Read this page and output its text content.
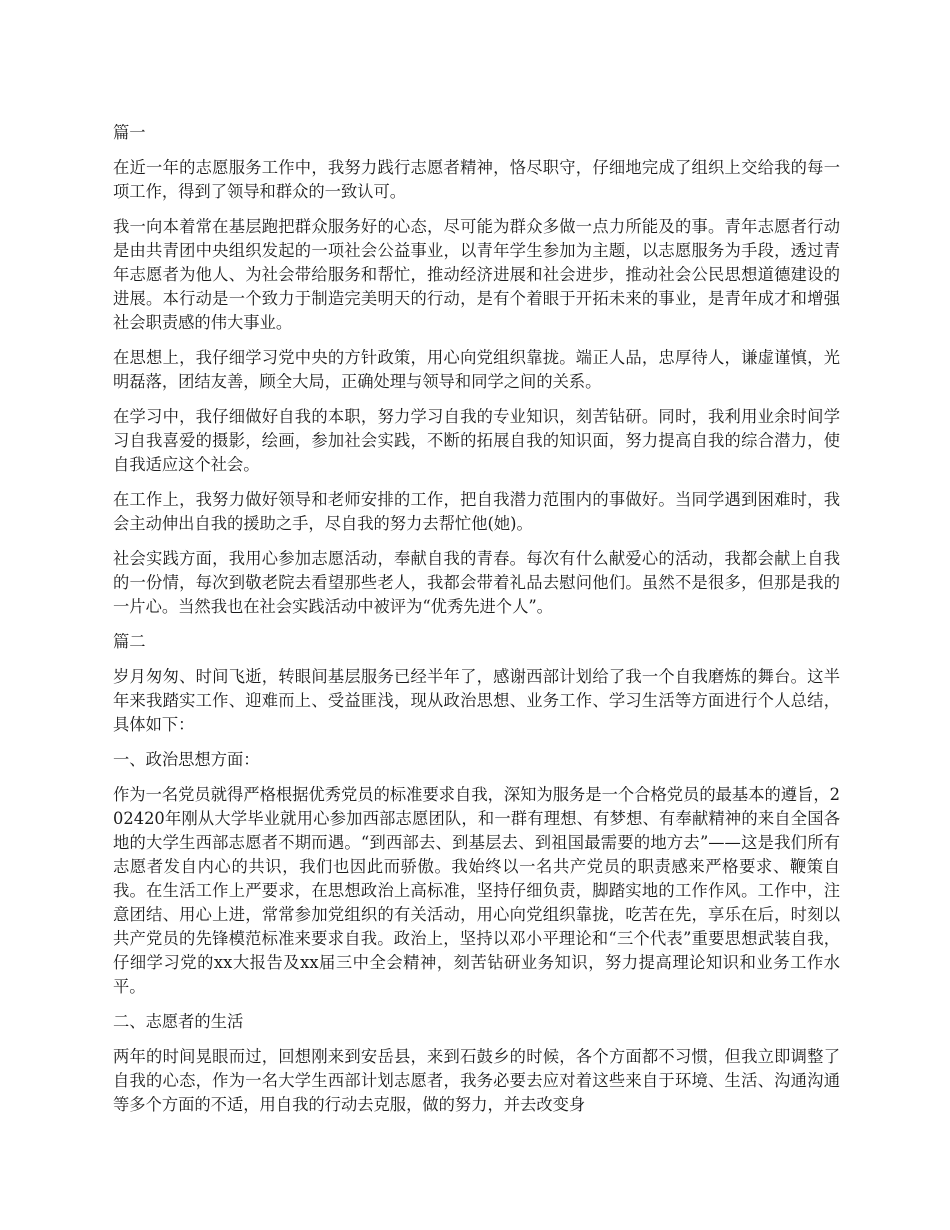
篇一

在近一年的志愿服务工作中，我努力践行志愿者精神，恪尽职守，仔细地完成了组织上交给我的每一项工作，得到了领导和群众的一致认可。

我一向本着常在基层跑把群众服务好的心态，尽可能为群众多做一点力所能及的事。青年志愿者行动是由共青团中央组织发起的一项社会公益事业，以青年学生参加为主题，以志愿服务为手段，透过青年志愿者为他人、为社会带给服务和帮忙，推动经济进展和社会进步，推动社会公民思想道德建设的进展。本行动是一个致力于制造完美明天的行动，是有个着眼于开拓未来的事业，是青年成才和增强社会职责感的伟大事业。

在思想上，我仔细学习党中央的方针政策，用心向党组织靠拢。端正人品，忠厚待人，谦虚谨慎，光明磊落，团结友善，顾全大局，正确处理与领导和同学之间的关系。

在学习中，我仔细做好自我的本职，努力学习自我的专业知识，刻苦钻研。同时，我利用业余时间学习自我喜爱的摄影，绘画，参加社会实践，不断的拓展自我的知识面，努力提高自我的综合潜力，使自我适应这个社会。

在工作上，我努力做好领导和老师安排的工作，把自我潜力范围内的事做好。当同学遇到困难时，我会主动伸出自我的援助之手，尽自我的努力去帮忙他(她)。

社会实践方面，我用心参加志愿活动，奉献自我的青春。每次有什么献爱心的活动，我都会献上自我的一份情，每次到敬老院去看望那些老人，我都会带着礼品去慰问他们。虽然不是很多，但那是我的一片心。当然我也在社会实践活动中被评为“优秀先进个人”。

篇二

岁月匆匆、时间飞逝，转眼间基层服务已经半年了，感谢西部计划给了我一个自我磨炼的舞台。这半年来我踏实工作、迎难而上、受益匪浅，现从政治思想、业务工作、学习生活等方面进行个人总结，具体如下：

一、政治思想方面：

作为一名党员就得严格根据优秀党员的标准要求自我，深知为服务是一个合格党员的最基本的遵旨，202420年刚从大学毕业就用心参加西部志愿团队，和一群有理想、有梦想、有奉献精神的来自全国各地的大学生西部志愿者不期而遇。“到西部去、到基层去、到祖国最需要的地方去”——这是我们所有志愿者发自内心的共识，我们也因此而骄傲。我始终以一名共产党员的职责感来严格要求、鞭策自我。在生活工作上严要求，在思想政治上高标准，坚持仔细负责，脚踏实地的工作作风。工作中，注意团结、用心上进，常常参加党组织的有关活动，用心向党组织靠拢，吃苦在先，享乐在后，时刻以共产党员的先锋模范标准来要求自我。政治上，坚持以邓小平理论和“三个代表”重要思想武装自我，仔细学习党的xx大报告及xx届三中全会精神，刻苦钻研业务知识，努力提高理论知识和业务工作水平。

二、志愿者的生活

两年的时间晃眼而过，回想刚来到安岳县，来到石鼓乡的时候，各个方面都不习惯，但我立即调整了自我的心态，作为一名大学生西部计划志愿者，我务必要去应对着这些来自于环境、生活、沟通沟通等多个方面的不适，用自我的行动去克服，做的努力，并去改变身
